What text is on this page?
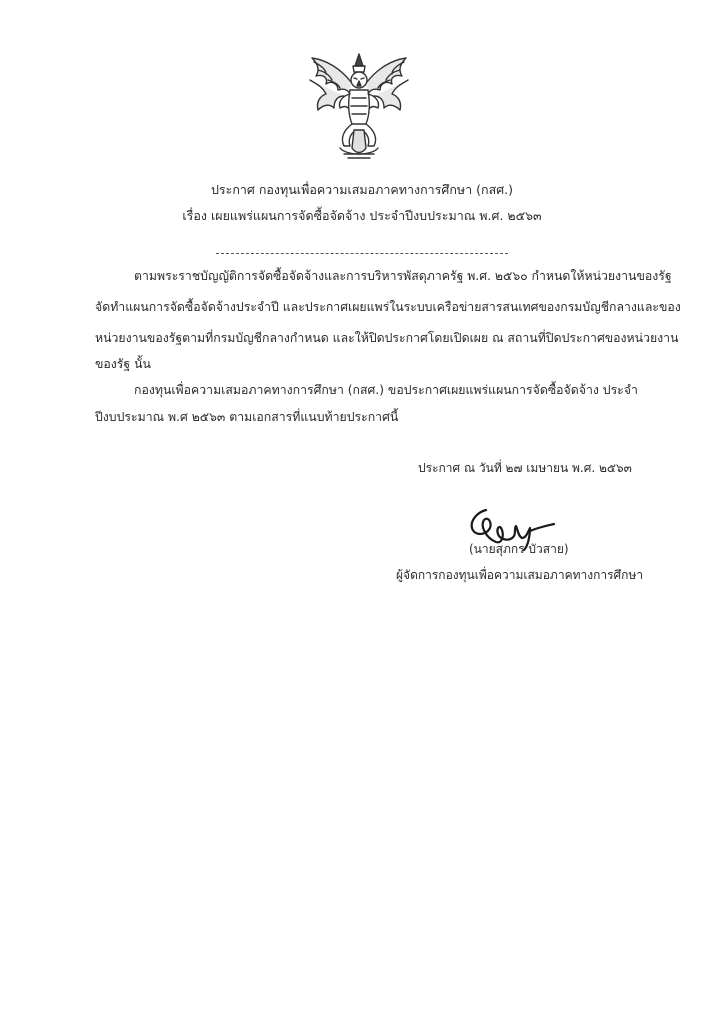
ประกาศ กองทุนเพื่อความเสมอภาคทางการศึกษา (กสศ.)
เรื่อง เผยแพร่แผนการจัดซื้อจัดจ้าง ประจำปีงบประมาณ พ.ศ. ๒๕๖๓
ตามพระราชบัญญัติการจัดซื้อจัดจ้างและการบริหารพัสดุภาครัฐ พ.ศ. ๒๕๖๐ กำหนดให้หน่วยงานของรัฐ
จัดทำแผนการจัดซื้อจัดจ้างประจำปี และประกาศเผยแพร่ในระบบเครือข่ายสารสนเทศของกรมบัญชีกลางและของ
หน่วยงานของรัฐตามที่กรมบัญชีกลางกำหนด และให้ปิดประกาศโดยเปิดเผย ณ สถานที่ปิดประกาศของหน่วยงาน
ของรัฐ นั้น
กองทุนเพื่อความเสมอภาคทางการศึกษา (กสศ.) ขอประกาศเผยแพร่แผนการจัดซื้อจัดจ้าง ประจำ
ปีงบประมาณ พ.ศ ๒๕๖๓ ตามเอกสารที่แนบท้ายประกาศนี้
ประกาศ ณ วันที่ ๒๗ เมษายน พ.ศ. ๒๕๖๓
(นายสุภกร บัวสาย)
ผู้จัดการกองทุนเพื่อความเสมอภาคทางการศึกษา
